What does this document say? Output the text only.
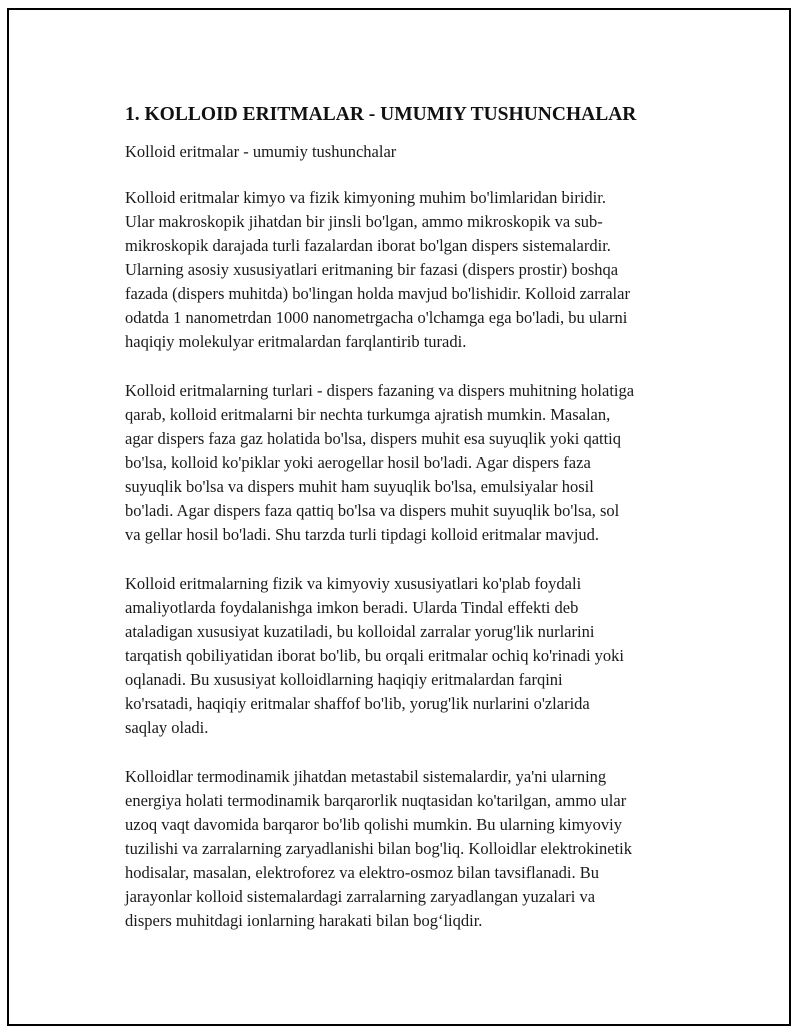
1. KOLLOID ERITMALAR - UMUMIY TUSHUNCHALAR

Kolloid eritmalar - umumiy tushunchalar

Kolloid eritmalar kimyo va fizik kimyoning muhim bo'limlaridan biridir.
Ular makroskopik jihatdan bir jinsli bo'lgan, ammo mikroskopik va sub-
mikroskopik darajada turli fazalardan iborat bo'lgan dispers sistemalardir.
Ularning asosiy xususiyatlari eritmaning bir fazasi (dispers prostir) boshqa
fazada (dispers muhitda) bo'lingan holda mavjud bo'lishidir. Kolloid zarralar
odatda 1 nanometrdan 1000 nanometrgacha o'lchamga ega bo'ladi, bu ularni
haqiqiy molekulyar eritmalardan farqlantirib turadi.

Kolloid eritmalarning turlari - dispers fazaning va dispers muhitning holatiga
qarab, kolloid eritmalarni bir nechta turkumga ajratish mumkin. Masalan,
agar dispers faza gaz holatida bo'lsa, dispers muhit esa suyuqlik yoki qattiq
bo'lsa, kolloid ko'piklar yoki aerogellar hosil bo'ladi. Agar dispers faza
suyuqlik bo'lsa va dispers muhit ham suyuqlik bo'lsa, emulsiyalar hosil
bo'ladi. Agar dispers faza qattiq bo'lsa va dispers muhit suyuqlik bo'lsa, sol
va gellar hosil bo'ladi. Shu tarzda turli tipdagi kolloid eritmalar mavjud.

Kolloid eritmalarning fizik va kimyoviy xususiyatlari ko'plab foydali
amaliyotlarda foydalanishga imkon beradi. Ularda Tindal effekti deb
ataladigan xususiyat kuzatiladi, bu kolloidal zarralar yorug'lik nurlarini
tarqatish qobiliyatidan iborat bo'lib, bu orqali eritmalar ochiq ko'rinadi yoki
oqlanadi. Bu xususiyat kolloidlarning haqiqiy eritmalardan farqini
ko'rsatadi, haqiqiy eritmalar shaffof bo'lib, yorug'lik nurlarini o'zlarida
saqlay oladi.

Kolloidlar termodinamik jihatdan metastabil sistemalardir, ya'ni ularning
energiya holati termodinamik barqarorlik nuqtasidan ko'tarilgan, ammo ular
uzoq vaqt davomida barqaror bo'lib qolishi mumkin. Bu ularning kimyoviy
tuzilishi va zarralarning zaryadlanishi bilan bog'liq. Kolloidlar elektrokinetik
hodisalar, masalan, elektroforez va elektro-osmoz bilan tavsiflanadi. Bu
jarayonlar kolloid sistemalardagi zarralarning zaryadlangan yuzalari va
dispers muhitdagi ionlarning harakati bilan bog‘liqdir.
